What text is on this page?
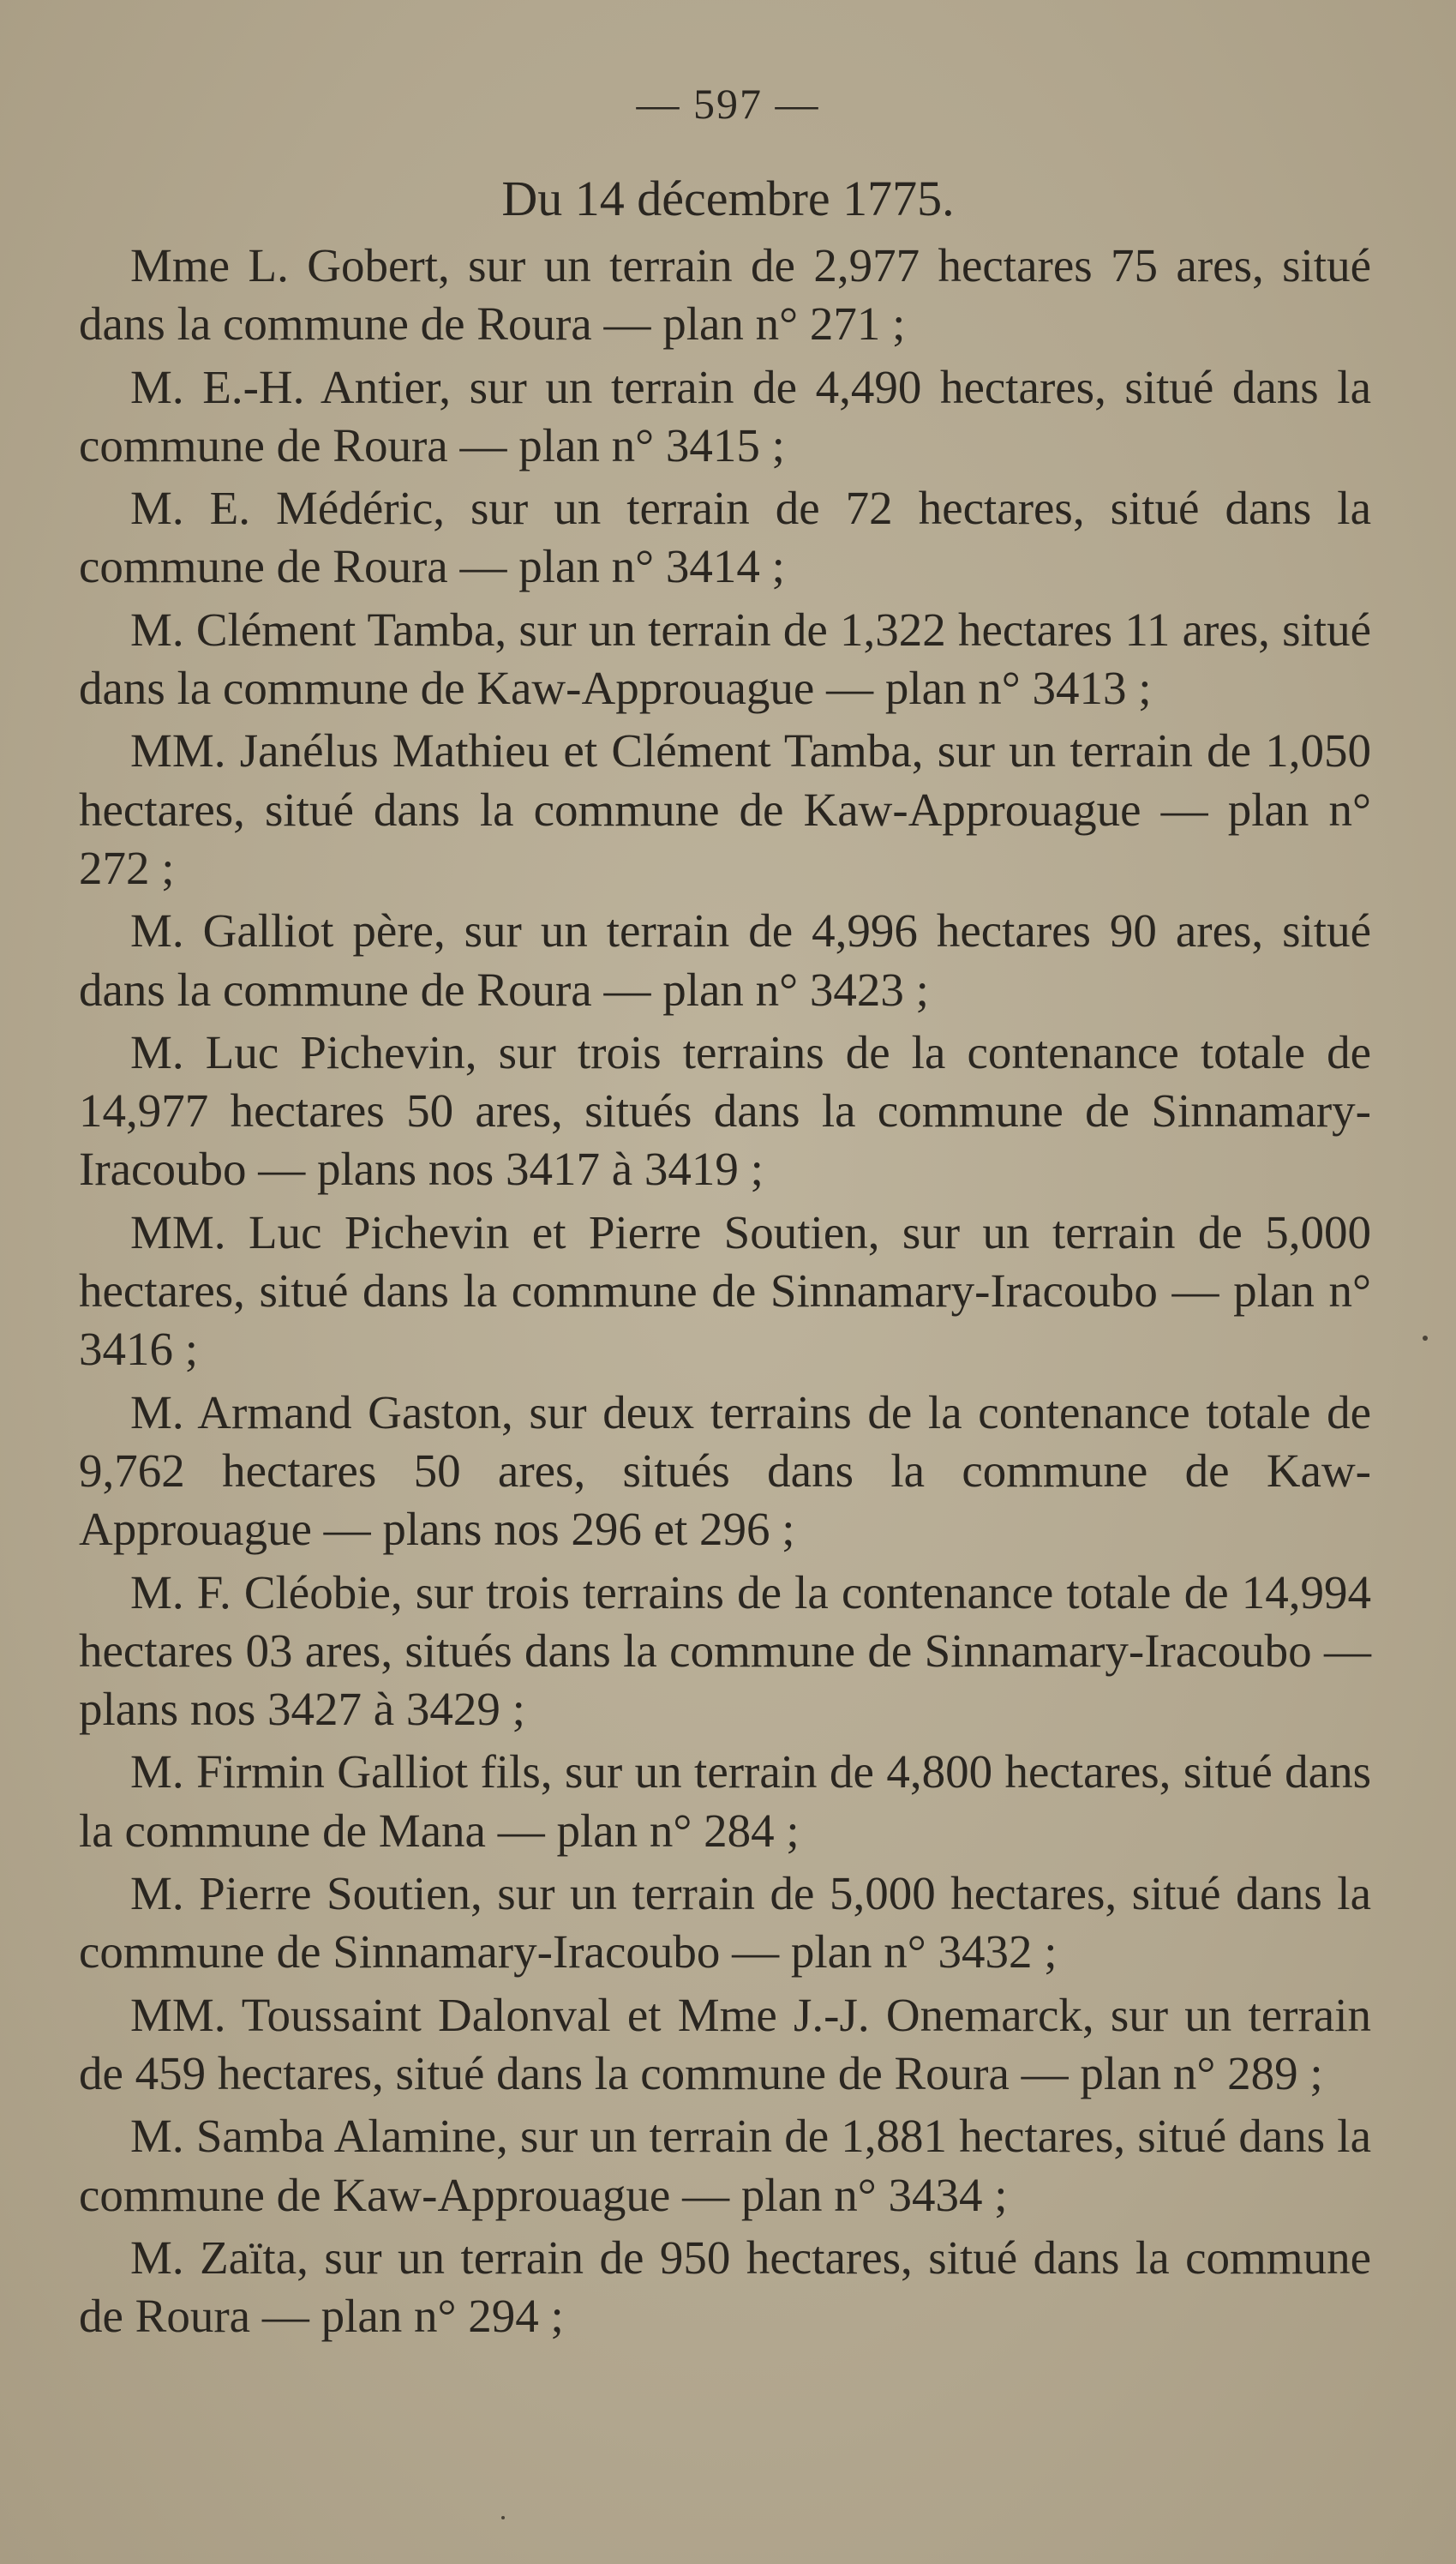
— 597 —
Du 14 décembre 1775.

Mme L. Gobert, sur un terrain de 2,977 hectares 75 ares, situé dans la commune de Roura — plan n° 271 ;

M. E.-H. Antier, sur un terrain de 4,490 hectares, situé dans la commune de Roura — plan n° 3415 ;

M. E. Médéric, sur un terrain de 72 hectares, situé dans la commune de Roura — plan n° 3414 ;

M. Clément Tamba, sur un terrain de 1,322 hectares 11 ares, situé dans la commune de Kaw-Approuague — plan n° 3413 ;

MM. Janélus Mathieu et Clément Tamba, sur un terrain de 1,050 hectares, situé dans la commune de Kaw-Approuague — plan n° 272 ;

M. Galliot père, sur un terrain de 4,996 hectares 90 ares, situé dans la commune de Roura — plan n° 3423 ;

M. Luc Pichevin, sur trois terrains de la contenance totale de 14,977 hectares 50 ares, situés dans la commune de Sinnamary-Iracoubo — plans nos 3417 à 3419 ;

MM. Luc Pichevin et Pierre Soutien, sur un terrain de 5,000 hectares, situé dans la commune de Sinnamary-Iracoubo — plan n° 3416 ;

M. Armand Gaston, sur deux terrains de la contenance totale de 9,762 hectares 50 ares, situés dans la commune de Kaw-Approuague — plans nos 296 et 296 ;

M. F. Cléobie, sur trois terrains de la contenance totale de 14,994 hectares 03 ares, situés dans la commune de Sinnamary-Iracoubo — plans nos 3427 à 3429 ;

M. Firmin Galliot fils, sur un terrain de 4,800 hectares, situé dans la commune de Mana — plan n° 284 ;

M. Pierre Soutien, sur un terrain de 5,000 hectares, situé dans la commune de Sinnamary-Iracoubo — plan n° 3432 ;

MM. Toussaint Dalonval et Mme J.-J. Onemarck, sur un terrain de 459 hectares, situé dans la commune de Roura — plan n° 289 ;

M. Samba Alamine, sur un terrain de 1,881 hectares, situé dans la commune de Kaw-Approuague — plan n° 3434 ;

M. Zaïta, sur un terrain de 950 hectares, situé dans la commune de Roura — plan n° 294 ;
